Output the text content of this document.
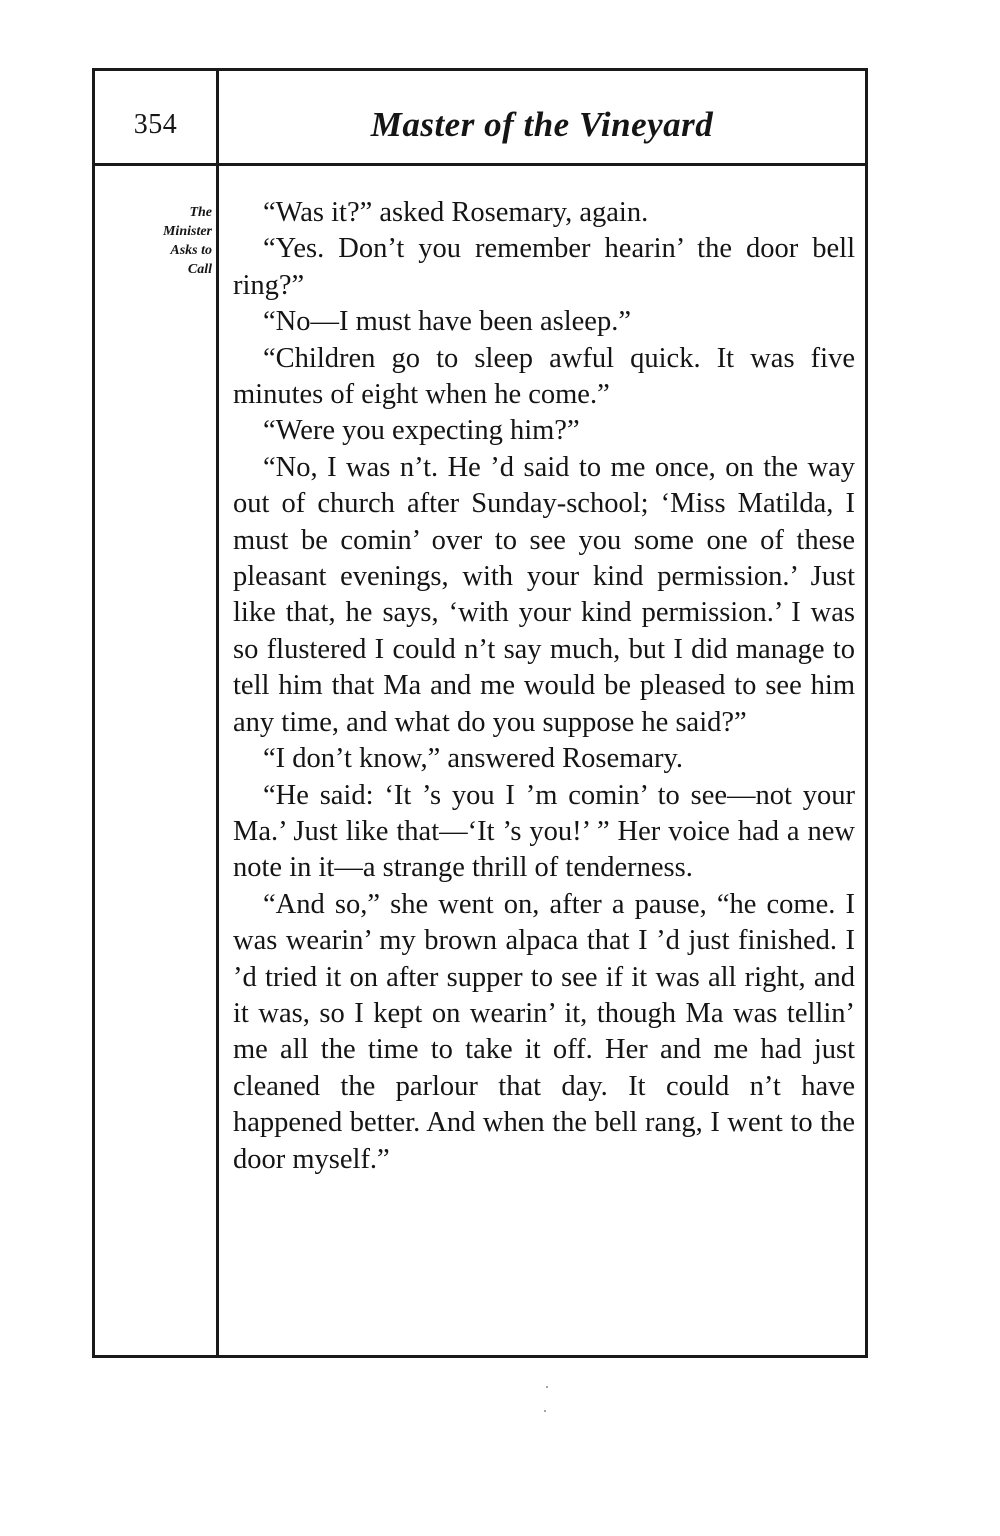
354	Master of the Vineyard
The
Minister
Asks to
Call

“Was it?” asked Rosemary, again.

“Yes. Don’t you remember hearin’ the door bell ring?”

“No—I must have been asleep.”

“Children go to sleep awful quick. It was five minutes of eight when he come.”

“Were you expecting him?”

“No, I was n’t. He ’d said to me once, on the way out of church after Sunday-school; ‘Miss Matilda, I must be comin’ over to see you some one of these pleasant evenings, with your kind permission.’ Just like that, he says, ‘with your kind permission.’ I was so flustered I could n’t say much, but I did manage to tell him that Ma and me would be pleased to see him any time, and what do you suppose he said?”

“I don’t know,” answered Rosemary.

“He said: ‘It ’s you I ’m comin’ to see—not your Ma.’ Just like that—‘It ’s you!’ ” Her voice had a new note in it—a strange thrill of tenderness.

“And so,” she went on, after a pause, “he come. I was wearin’ my brown alpaca that I ’d just finished. I ’d tried it on after supper to see if it was all right, and it was, so I kept on wearin’ it, though Ma was tellin’ me all the time to take it off. Her and me had just cleaned the parlour that day. It could n’t have happened better. And when the bell rang, I went to the door myself.”
